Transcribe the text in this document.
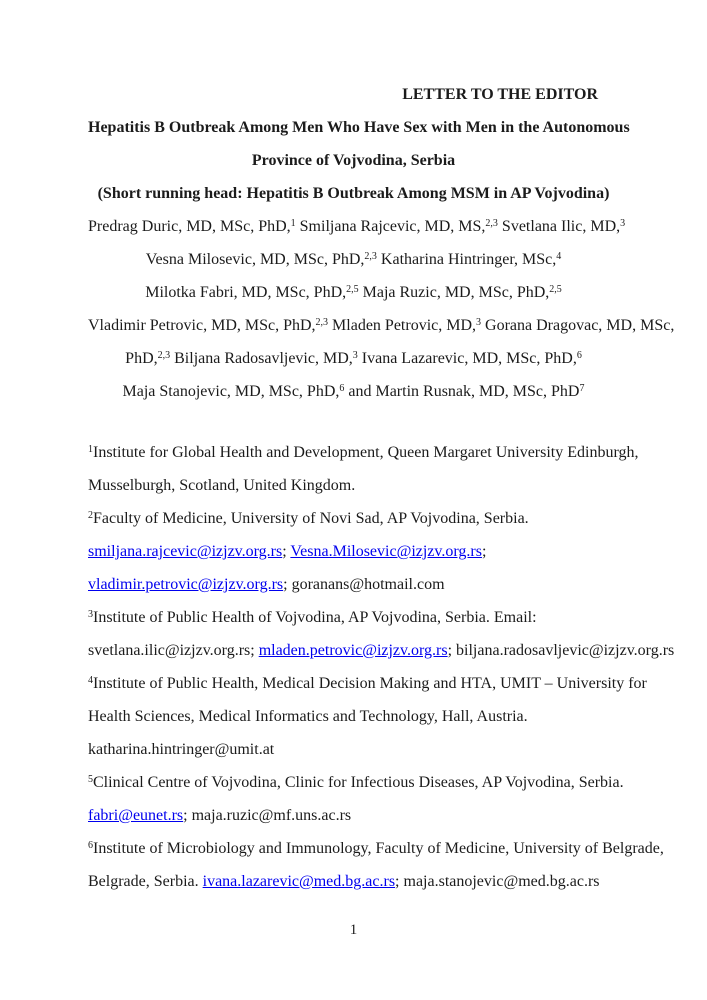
LETTER TO THE EDITOR

Hepatitis B Outbreak Among Men Who Have Sex with Men in the Autonomous

Province of Vojvodina, Serbia

(Short running head: Hepatitis B Outbreak Among MSM in AP Vojvodina)

Predrag Duric, MD, MSc, PhD,$^1$ Smiljana Rajcevic, MD, MS,$^{2,3}$ Svetlana Ilic, MD,$^3$

Vesna Milosevic, MD, MSc, PhD,$^{2,3}$ Katharina Hintringer, MSc,$^4$

Milotka Fabri, MD, MSc, PhD,$^{2,5}$ Maja Ruzic, MD, MSc, PhD,$^{2,5}$

Vladimir Petrovic, MD, MSc, PhD,$^{2,3}$ Mladen Petrovic, MD,$^3$ Gorana Dragovac, MD, MSc,

PhD,$^{2,3}$ Biljana Radosavljevic, MD,$^3$ Ivana Lazarevic, MD, MSc, PhD,$^6$

Maja Stanojevic, MD, MSc, PhD,$^6$ and Martin Rusnak, MD, MSc, PhD$^7$

$^1$Institute for Global Health and Development, Queen Margaret University Edinburgh,

Musselburgh, Scotland, United Kingdom.

$^2$Faculty of Medicine, University of Novi Sad, AP Vojvodina, Serbia.

smiljana.rajcevic@izjzv.org.rs; Vesna.Milosevic@izjzv.org.rs;

vladimir.petrovic@izjzv.org.rs; goranans@hotmail.com

$^3$Institute of Public Health of Vojvodina, AP Vojvodina, Serbia. Email:

svetlana.ilic@izjzv.org.rs; mladen.petrovic@izjzv.org.rs; biljana.radosavljevic@izjzv.org.rs

$^4$Institute of Public Health, Medical Decision Making and HTA, UMIT – University for

Health Sciences, Medical Informatics and Technology, Hall, Austria.

katharina.hintringer@umit.at

$^5$Clinical Centre of Vojvodina, Clinic for Infectious Diseases, AP Vojvodina, Serbia.

fabri@eunet.rs; maja.ruzic@mf.uns.ac.rs

$^6$Institute of Microbiology and Immunology, Faculty of Medicine, University of Belgrade,

Belgrade, Serbia. ivana.lazarevic@med.bg.ac.rs; maja.stanojevic@med.bg.ac.rs

1
